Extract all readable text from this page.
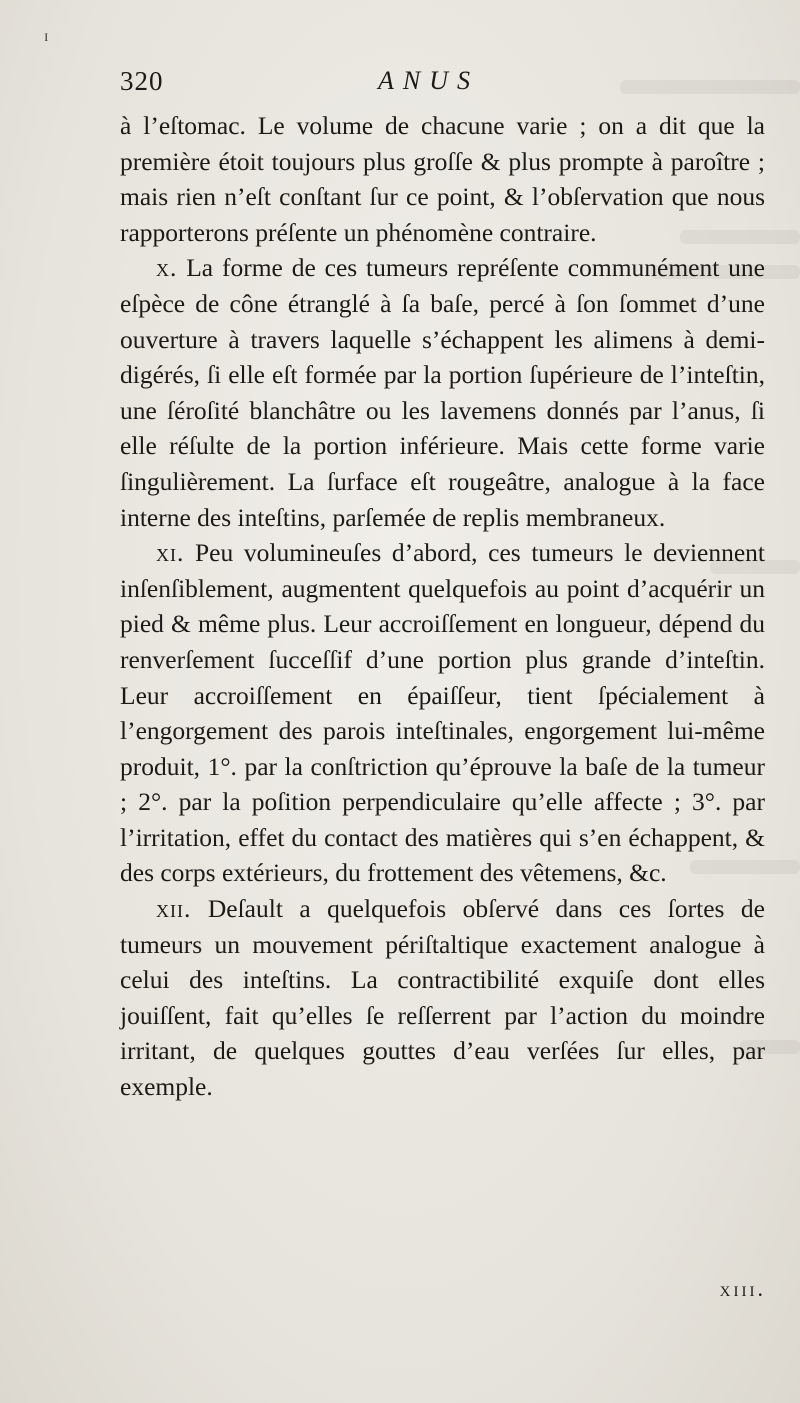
ɪ
320	ANUS

à l’eſtomac. Le volume de chacune varie ; on a dit que la première étoit toujours plus groſſe & plus prompte à paroître ; mais rien n’eſt conſtant ſur ce point, & l’obſervation que nous rapporterons préſente un phénomène contraire.

x. La forme de ces tumeurs repréſente communément une eſpèce de cône étranglé à ſa baſe, percé à ſon ſommet d’une ouverture à travers laquelle s’échappent les alimens à demi-digérés, ſi elle eſt formée par la portion ſupérieure de l’inteſtin, une ſéroſité blanchâtre ou les lavemens donnés par l’anus, ſi elle réſulte de la portion inférieure. Mais cette forme varie ſingulièrement. La ſurface eſt rougeâtre, analogue à la face interne des inteſtins, parſemée de replis membraneux.

xi. Peu volumineuſes d’abord, ces tumeurs le deviennent inſenſiblement, augmentent quelquefois au point d’acquérir un pied & même plus. Leur accroiſſement en longueur, dépend du renverſement ſucceſſif d’une portion plus grande d’inteſtin. Leur accroiſſement en épaiſſeur, tient ſpécialement à l’engorgement des parois inteſtinales, engorgement lui-même produit, 1°. par la conſtriction qu’éprouve la baſe de la tumeur ; 2°. par la poſition perpendiculaire qu’elle affecte ; 3°. par l’irritation, effet du contact des matières qui s’en échappent, & des corps extérieurs, du frottement des vêtemens, &c.

xii. Deſault a quelquefois obſervé dans ces ſortes de tumeurs un mouvement périſtaltique exactement analogue à celui des inteſtins. La contractibilité exquiſe dont elles jouiſſent, fait qu’elles ſe reſſerrent par l’action du moindre irritant, de quelques gouttes d’eau verſées ſur elles, par exemple.

xiii.
